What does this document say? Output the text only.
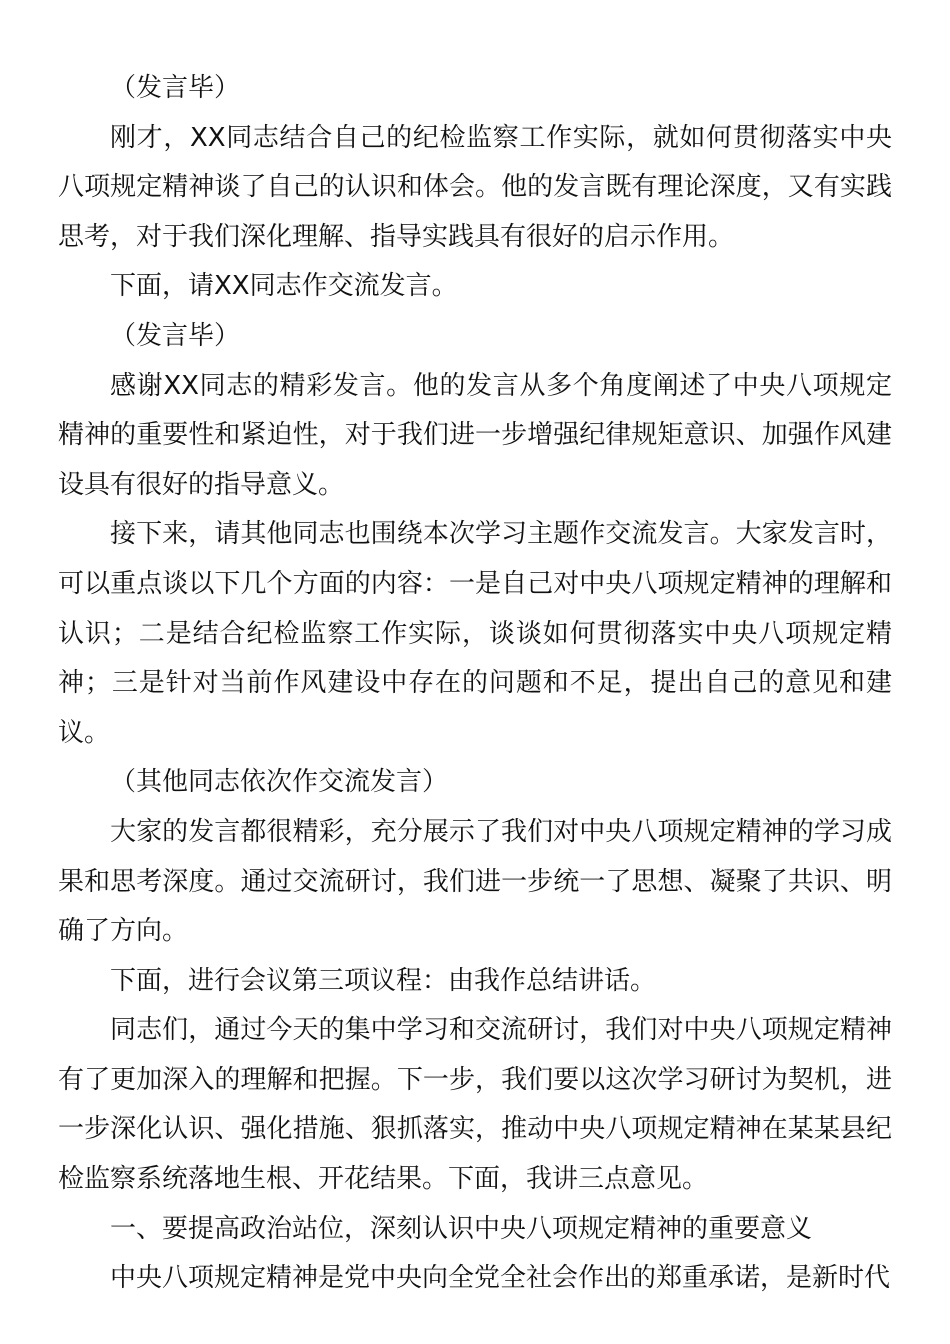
（发言毕）

刚才，XX同志结合自己的纪检监察工作实际，就如何贯彻落实中央八项规定精神谈了自己的认识和体会。他的发言既有理论深度，又有实践思考，对于我们深化理解、指导实践具有很好的启示作用。

下面，请XX同志作交流发言。

（发言毕）

感谢XX同志的精彩发言。他的发言从多个角度阐述了中央八项规定精神的重要性和紧迫性，对于我们进一步增强纪律规矩意识、加强作风建设具有很好的指导意义。

接下来，请其他同志也围绕本次学习主题作交流发言。大家发言时，可以重点谈以下几个方面的内容：一是自己对中央八项规定精神的理解和认识；二是结合纪检监察工作实际，谈谈如何贯彻落实中央八项规定精神；三是针对当前作风建设中存在的问题和不足，提出自己的意见和建议。

（其他同志依次作交流发言）

大家的发言都很精彩，充分展示了我们对中央八项规定精神的学习成果和思考深度。通过交流研讨，我们进一步统一了思想、凝聚了共识、明确了方向。

下面，进行会议第三项议程：由我作总结讲话。

同志们，通过今天的集中学习和交流研讨，我们对中央八项规定精神有了更加深入的理解和把握。下一步，我们要以这次学习研讨为契机，进一步深化认识、强化措施、狠抓落实，推动中央八项规定精神在某某县纪检监察系统落地生根、开花结果。下面，我讲三点意见。

一、要提高政治站位，深刻认识中央八项规定精神的重要意义

中央八项规定精神是党中央向全党全社会作出的郑重承诺，是新时代
